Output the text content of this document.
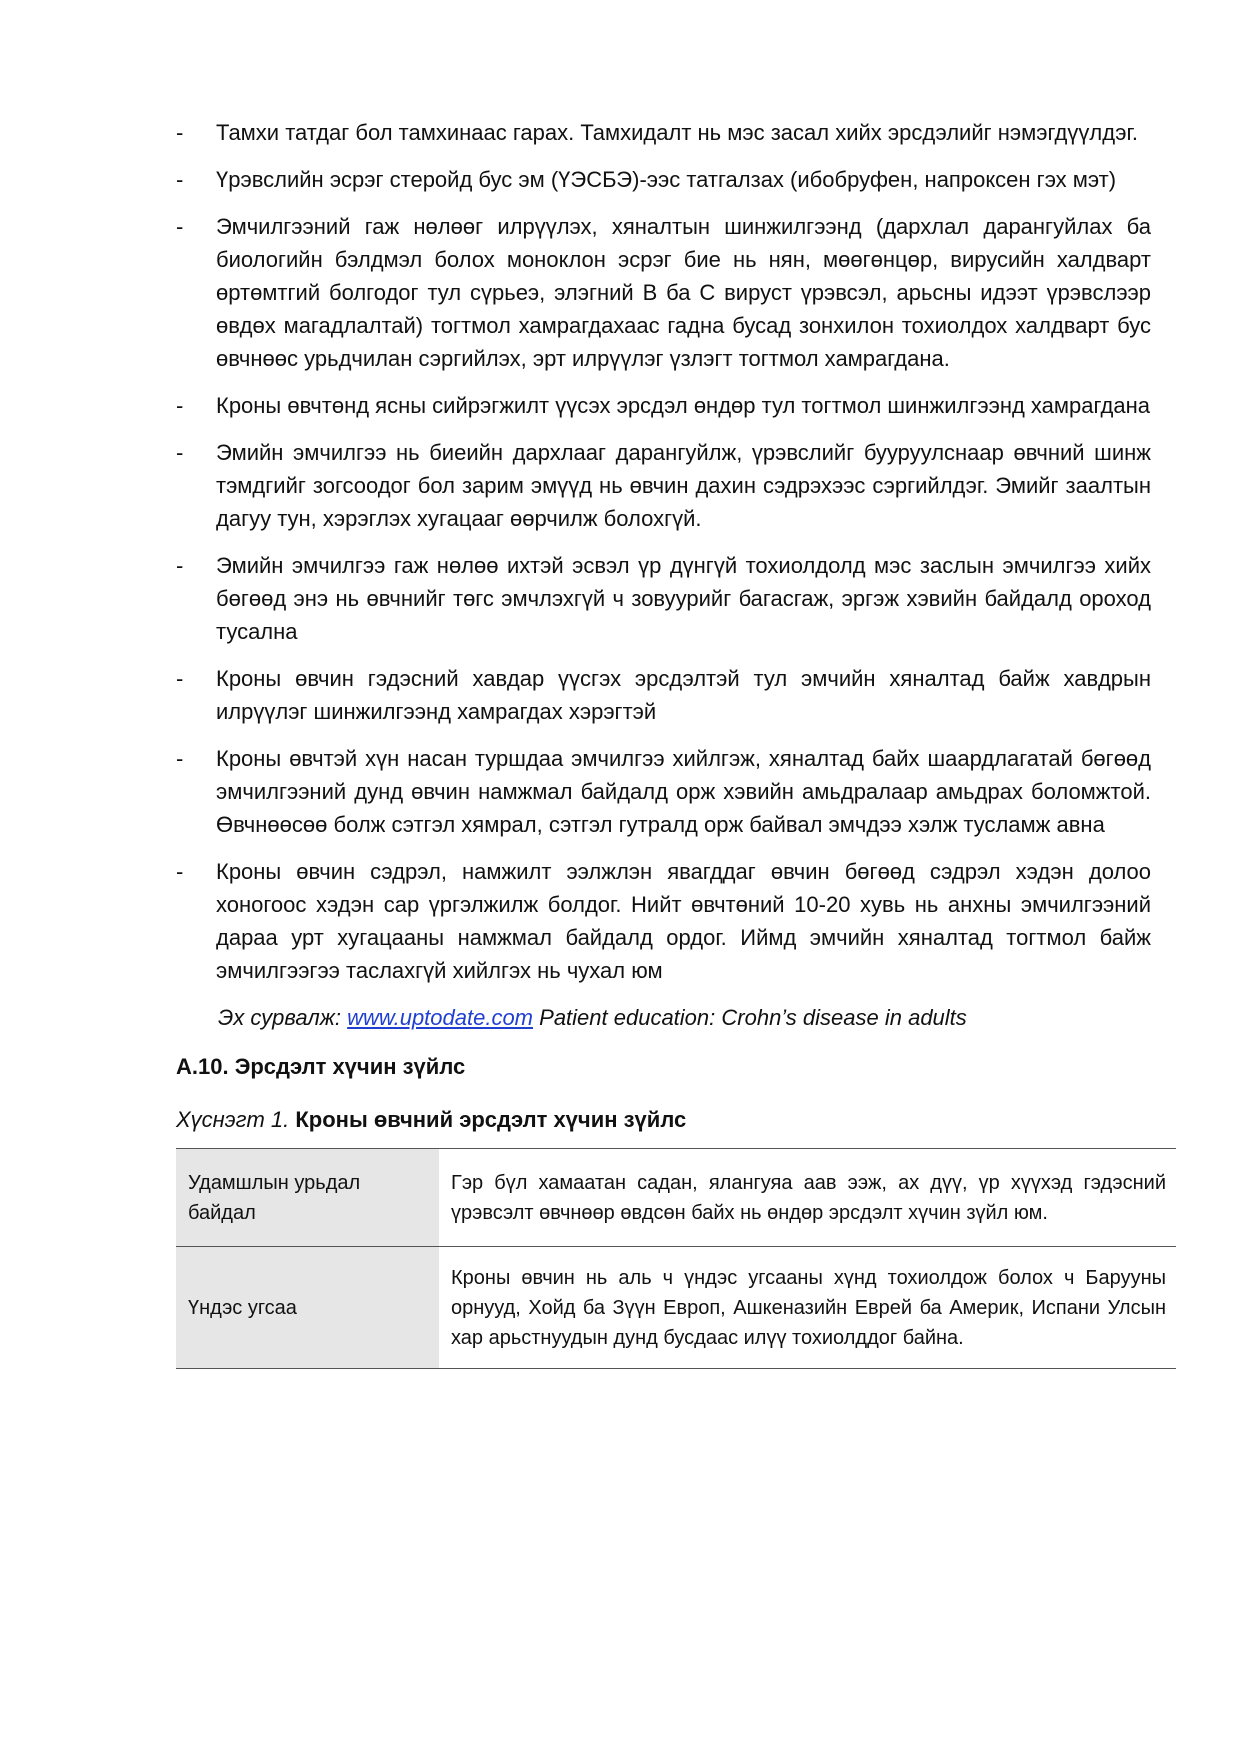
- Тамхи татдаг бол тамхинаас гарах. Тамхидалт нь мэс засал хийх эрсдэлийг нэмэгдүүлдэг.
- Үрэвслийн эсрэг стеройд бус эм (ҮЭСБЭ)-ээс татгалзах (ибобруфен, напроксен гэх мэт)
- Эмчилгээний гаж нөлөөг илрүүлэх, хяналтын шинжилгээнд (дархлал дарангуйлах ба биологийн бэлдмэл болох моноклон эсрэг бие нь нян, мөөгөнцөр, вирусийн халдварт өртөмтгий болгодог тул сүрьеэ, элэгний В ба С вируст үрэвсэл, арьсны идээт үрэвслээр өвдөх магадлалтай) тогтмол хамрагдахаас гадна бусад зонхилон тохиолдох халдварт бус өвчнөөс урьдчилан сэргийлэх, эрт илрүүлэг үзлэгт тогтмол хамрагдана.
- Кроны өвчтөнд ясны сийрэгжилт үүсэх эрсдэл өндөр тул тогтмол шинжилгээнд хамрагдана
- Эмийн эмчилгээ нь биеийн дархлааг дарангуйлж, үрэвслийг бууруулснаар өвчний шинж тэмдгийг зогсоодог бол зарим эмүүд нь өвчин дахин сэдрэхээс сэргийлдэг. Эмийг заалтын дагуу тун, хэрэглэх хугацааг өөрчилж болохгүй.
- Эмийн эмчилгээ гаж нөлөө ихтэй эсвэл үр дүнгүй тохиолдолд мэс заслын эмчилгээ хийх бөгөөд энэ нь өвчнийг төгс эмчлэхгүй ч зовуурийг багасгаж, эргэж хэвийн байдалд ороход тусална
- Кроны өвчин гэдэсний хавдар үүсгэх эрсдэлтэй тул эмчийн хяналтад байж хавдрын илрүүлэг шинжилгээнд хамрагдах хэрэгтэй
- Кроны өвчтэй хүн насан туршдаа эмчилгээ хийлгэж, хяналтад байх шаардлагатай бөгөөд эмчилгээний дунд өвчин намжмал байдалд орж хэвийн амьдралаар амьдрах боломжтой. Өвчнөөсөө болж сэтгэл хямрал, сэтгэл гутралд орж байвал эмчдээ хэлж тусламж авна
- Кроны өвчин сэдрэл, намжилт ээлжлэн явагддаг өвчин бөгөөд сэдрэл хэдэн долоо хоногоос хэдэн сар үргэлжилж болдог. Нийт өвчтөний 10-20 хувь нь анхны эмчилгээний дараа урт хугацааны намжмал байдалд ордог. Иймд эмчийн хяналтад тогтмол байж эмчилгээгээ таслахгүй хийлгэх нь чухал юм
Эх сурвалж: www.uptodate.com Patient education: Crohn’s disease in adults
А.10. Эрсдэлт хүчин зүйлс
Хүснэгт 1. Кроны өвчний эрсдэлт хүчин зүйлс
Удамшлын урьдал байдал	Гэр бүл хамаатан садан, ялангуяа аав ээж, ах дүү, үр хүүхэд гэдэсний үрэвсэлт өвчнөөр өвдсөн байх нь өндөр эрсдэлт хүчин зүйл юм.
Үндэс угсаа	Кроны өвчин нь аль ч үндэс угсааны хүнд тохиолдож болох ч Барууны орнууд, Хойд ба Зүүн Европ, Ашкеназийн Еврей ба Америк, Испани Улсын хар арьстнуудын дунд бусдаас илүү тохиолддог байна.
